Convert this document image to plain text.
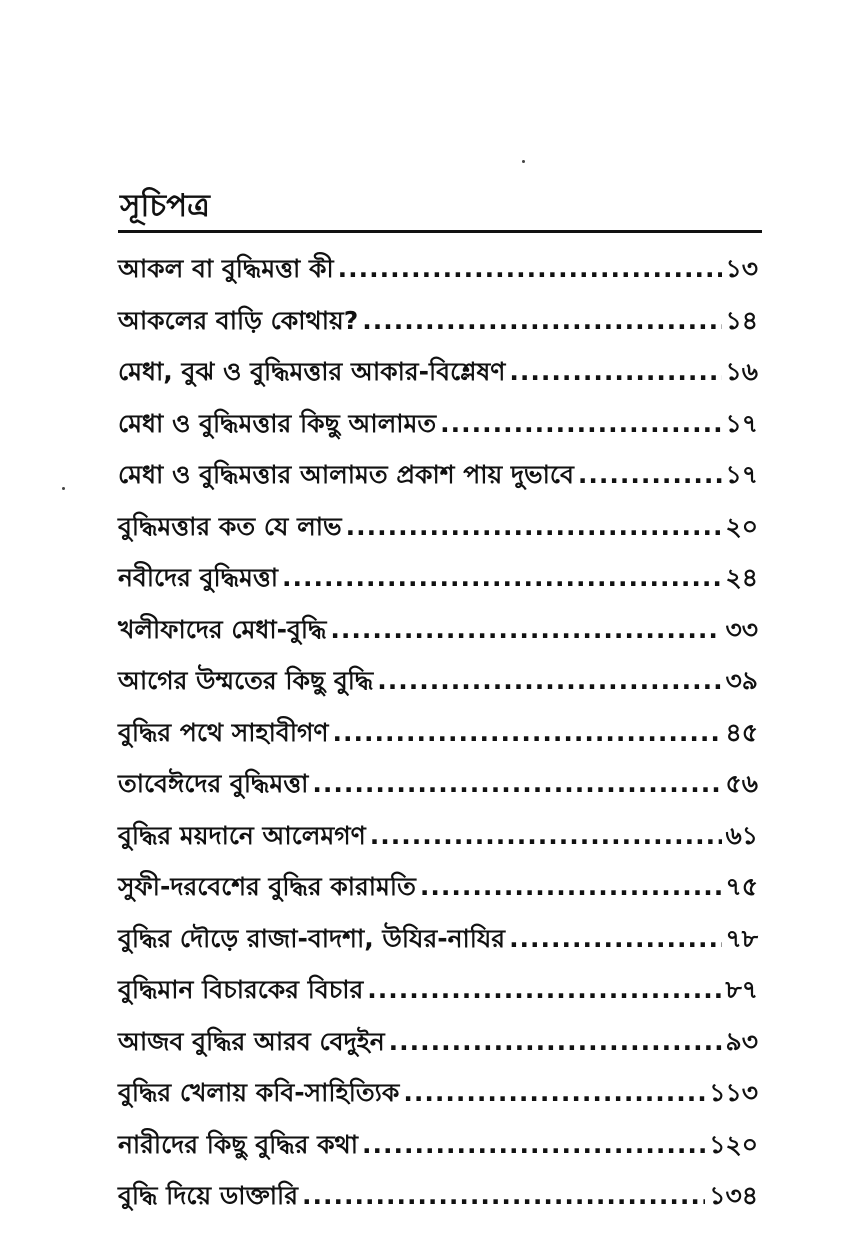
সূচিপত্র
আকল বা বুদ্ধিমত্তা কী .....	১৩
আকলের বাড়ি কোথায়? .....	১৪
মেধা, বুঝ ও বুদ্ধিমত্তার আকার-বিশ্লেষণ .....	১৬
মেধা ও বুদ্ধিমত্তার কিছু আলামত .....	১৭
মেধা ও বুদ্ধিমত্তার আলামত প্রকাশ পায় দুভাবে .....	১৭
বুদ্ধিমত্তার কত যে লাভ .....	২০
নবীদের বুদ্ধিমত্তা .....	২৪
খলীফাদের মেধা-বুদ্ধি .....	৩৩
আগের উম্মতের কিছু বুদ্ধি .....	৩৯
বুদ্ধির পথে সাহাবীগণ .....	৪৫
তাবেঈদের বুদ্ধিমত্তা .....	৫৬
বুদ্ধির ময়দানে আলেমগণ .....	৬১
সুফী-দরবেশের বুদ্ধির কারামতি .....	৭৫
বুদ্ধির দৌড়ে রাজা-বাদশা, উযির-নাযির .....	৭৮
বুদ্ধিমান বিচারকের বিচার .....	৮৭
আজব বুদ্ধির আরব বেদুইন .....	৯৩
বুদ্ধির খেলায় কবি-সাহিত্যিক .....	১১৩
নারীদের কিছু বুদ্ধির কথা .....	১২০
বুদ্ধি দিয়ে ডাক্তারি .....	১৩৪
